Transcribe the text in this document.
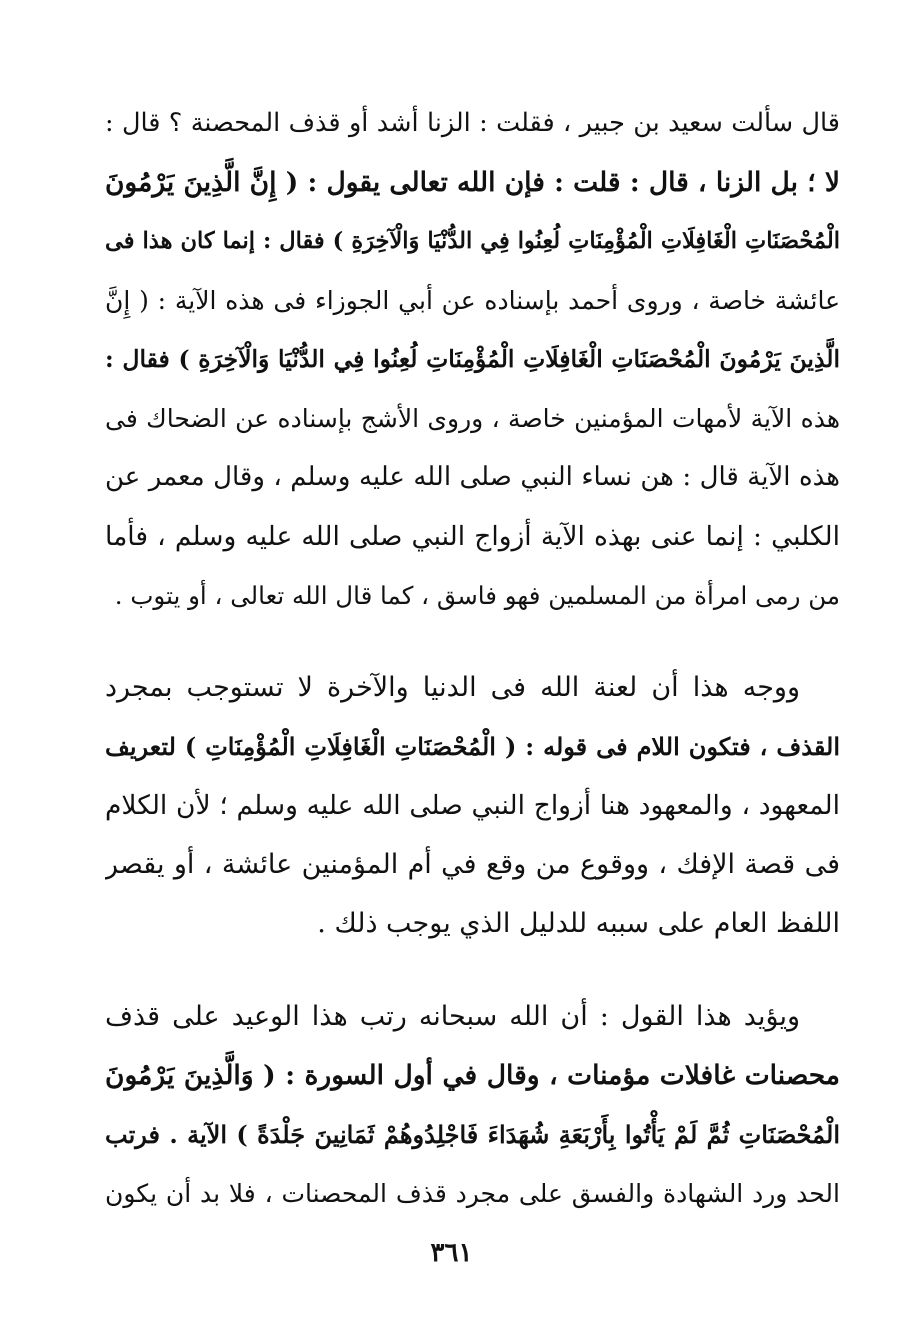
قال سألت سعيد بن جبير ، فقلت : الزنا أشد أو قذف المحصنة ؟ قال :
لا ؛ بل الزنا ، قال : قلت : فإن الله تعالى يقول : ( إِنَّ الَّذِينَ يَرْمُونَ
الْمُحْصَنَاتِ الْغَافِلَاتِ الْمُؤْمِنَاتِ لُعِنُوا فِي الدُّنْيَا وَالْآخِرَةِ ) فقال : إنما كان هذا فى
عائشة خاصة ، وروى أحمد بإسناده عن أبي الجوزاء فى هذه الآية : ( إِنَّ
الَّذِينَ يَرْمُونَ الْمُحْصَنَاتِ الْغَافِلَاتِ الْمُؤْمِنَاتِ لُعِنُوا فِي الدُّنْيَا وَالْآخِرَةِ ) فقال :
هذه الآية لأمهات المؤمنين خاصة ، وروى الأشج بإسناده عن الضحاك فى
هذه الآية قال : هن نساء النبي صلى الله عليه وسلم ، وقال معمر عن
الكلبي : إنما عنى بهذه الآية أزواج النبي صلى الله عليه وسلم ، فأما
من رمى امرأة من المسلمين فهو فاسق ، كما قال الله تعالى ، أو يتوب .
ووجه هذا أن لعنة الله فى الدنيا والآخرة لا تستوجب بمجرد
القذف ، فتكون اللام فى قوله : ( الْمُحْصَنَاتِ الْغَافِلَاتِ الْمُؤْمِنَاتِ ) لتعريف
المعهود ، والمعهود هنا أزواج النبي صلى الله عليه وسلم ؛ لأن الكلام
فى قصة الإفك ، ووقوع من وقع في أم المؤمنين عائشة ، أو يقصر
اللفظ العام على سببه للدليل الذي يوجب ذلك .
ويؤيد هذا القول : أن الله سبحانه رتب هذا الوعيد على قذف
محصنات غافلات مؤمنات ، وقال في أول السورة : ( وَالَّذِينَ يَرْمُونَ
الْمُحْصَنَاتِ ثُمَّ لَمْ يَأْتُوا بِأَرْبَعَةِ شُهَدَاءَ فَاجْلِدُوهُمْ ثَمَانِينَ جَلْدَةً ) الآية . فرتب
الحد ورد الشهادة والفسق على مجرد قذف المحصنات ، فلا بد أن يكون
٣٦١
